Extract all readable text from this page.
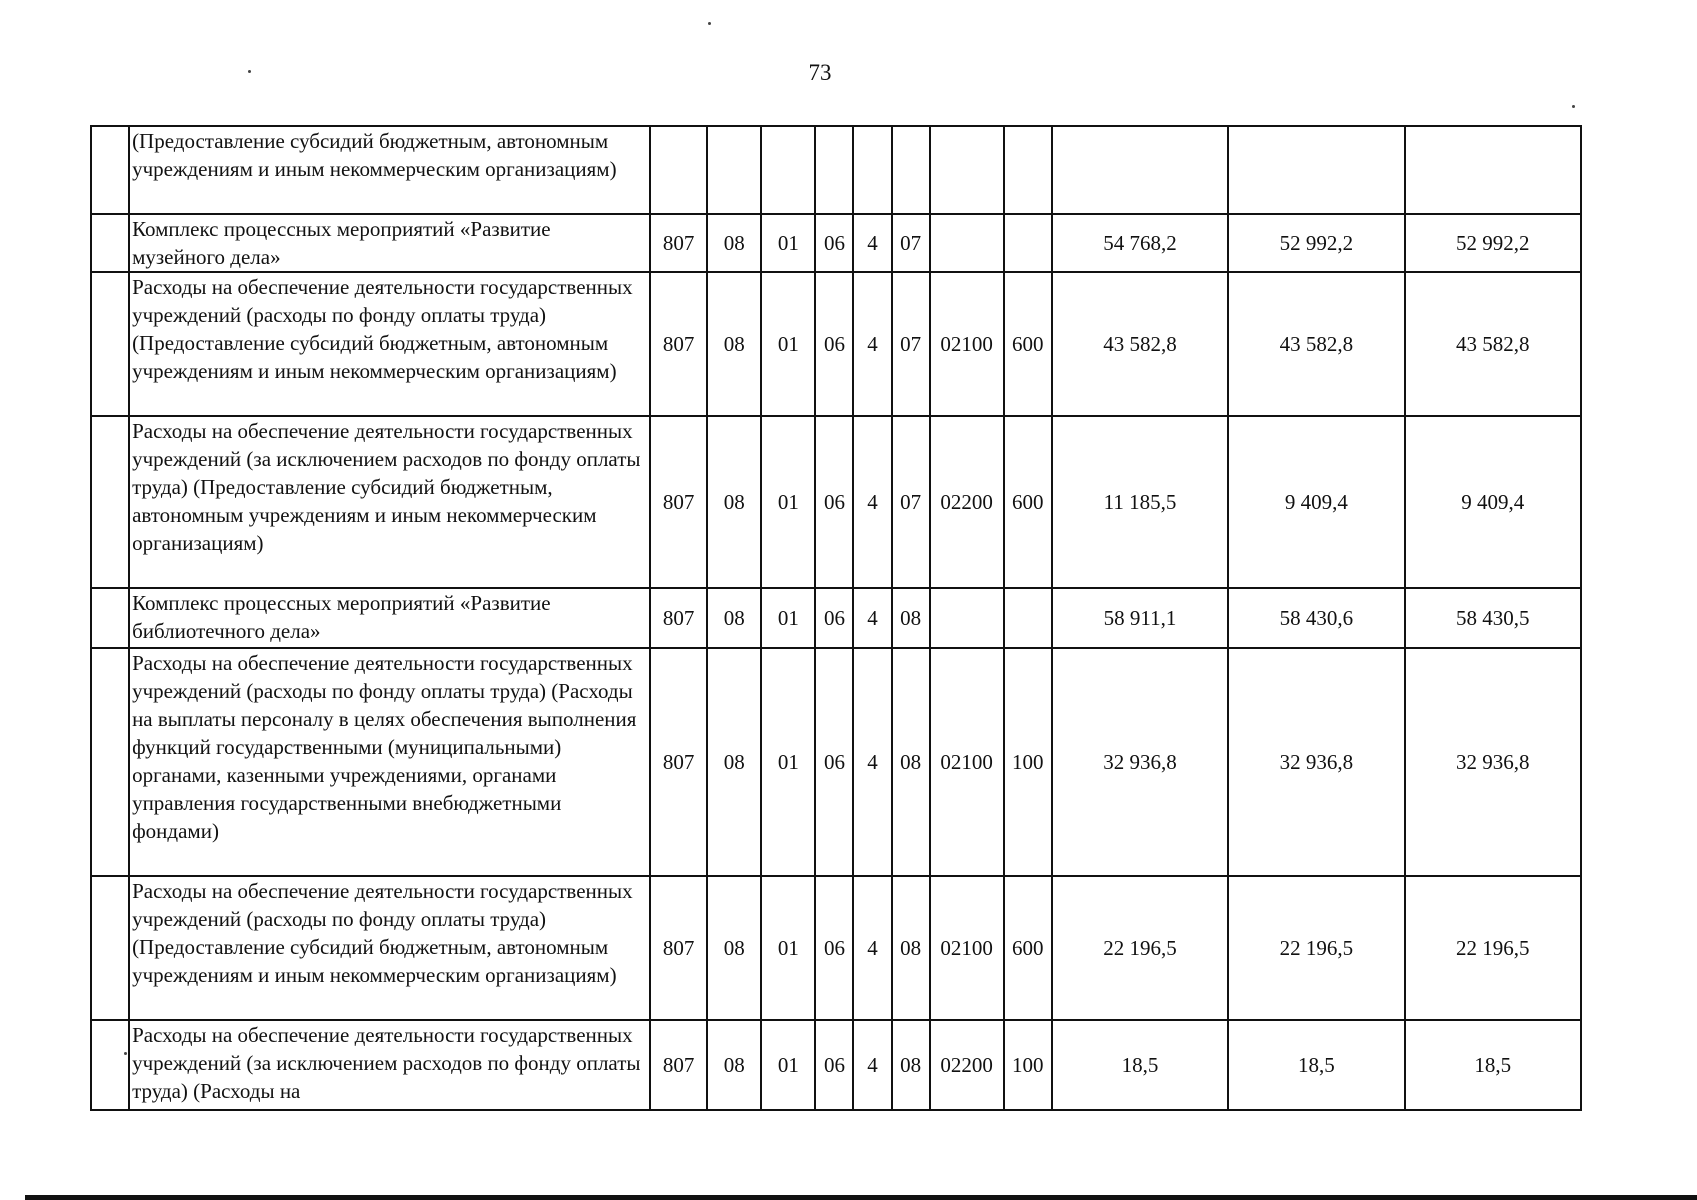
73
	(Предоставление субсидий бюджетным, автономным учреждениям и иным некоммерческим организациям)											
	Комплекс процессных мероприятий «Развитие музейного дела»	807	08	01	06	4	07			54 768,2	52 992,2	52 992,2
	Расходы на обеспечение деятельности государственных учреждений (расходы по фонду оплаты труда) (Предоставление субсидий бюджетным, автономным учреждениям и иным некоммерческим организациям)	807	08	01	06	4	07	02100	600	43 582,8	43 582,8	43 582,8
	Расходы на обеспечение деятельности государственных учреждений (за исключением расходов по фонду оплаты труда) (Предоставление субсидий бюджетным, автономным учреждениям и иным некоммерческим организациям)	807	08	01	06	4	07	02200	600	11 185,5	9 409,4	9 409,4
	Комплекс процессных мероприятий «Развитие библиотечного дела»	807	08	01	06	4	08			58 911,1	58 430,6	58 430,5
	Расходы на обеспечение деятельности государственных учреждений (расходы по фонду оплаты труда) (Расходы на выплаты персоналу в целях обеспечения выполнения функций государственными (муниципальными) органами, казенными учреждениями, органами управления государственными внебюджетными фондами)	807	08	01	06	4	08	02100	100	32 936,8	32 936,8	32 936,8
	Расходы на обеспечение деятельности государственных учреждений (расходы по фонду оплаты труда) (Предоставление субсидий бюджетным, автономным учреждениям и иным некоммерческим организациям)	807	08	01	06	4	08	02100	600	22 196,5	22 196,5	22 196,5
	Расходы на обеспечение деятельности государственных учреждений (за исключением расходов по фонду оплаты труда) (Расходы на	807	08	01	06	4	08	02200	100	18,5	18,5	18,5
